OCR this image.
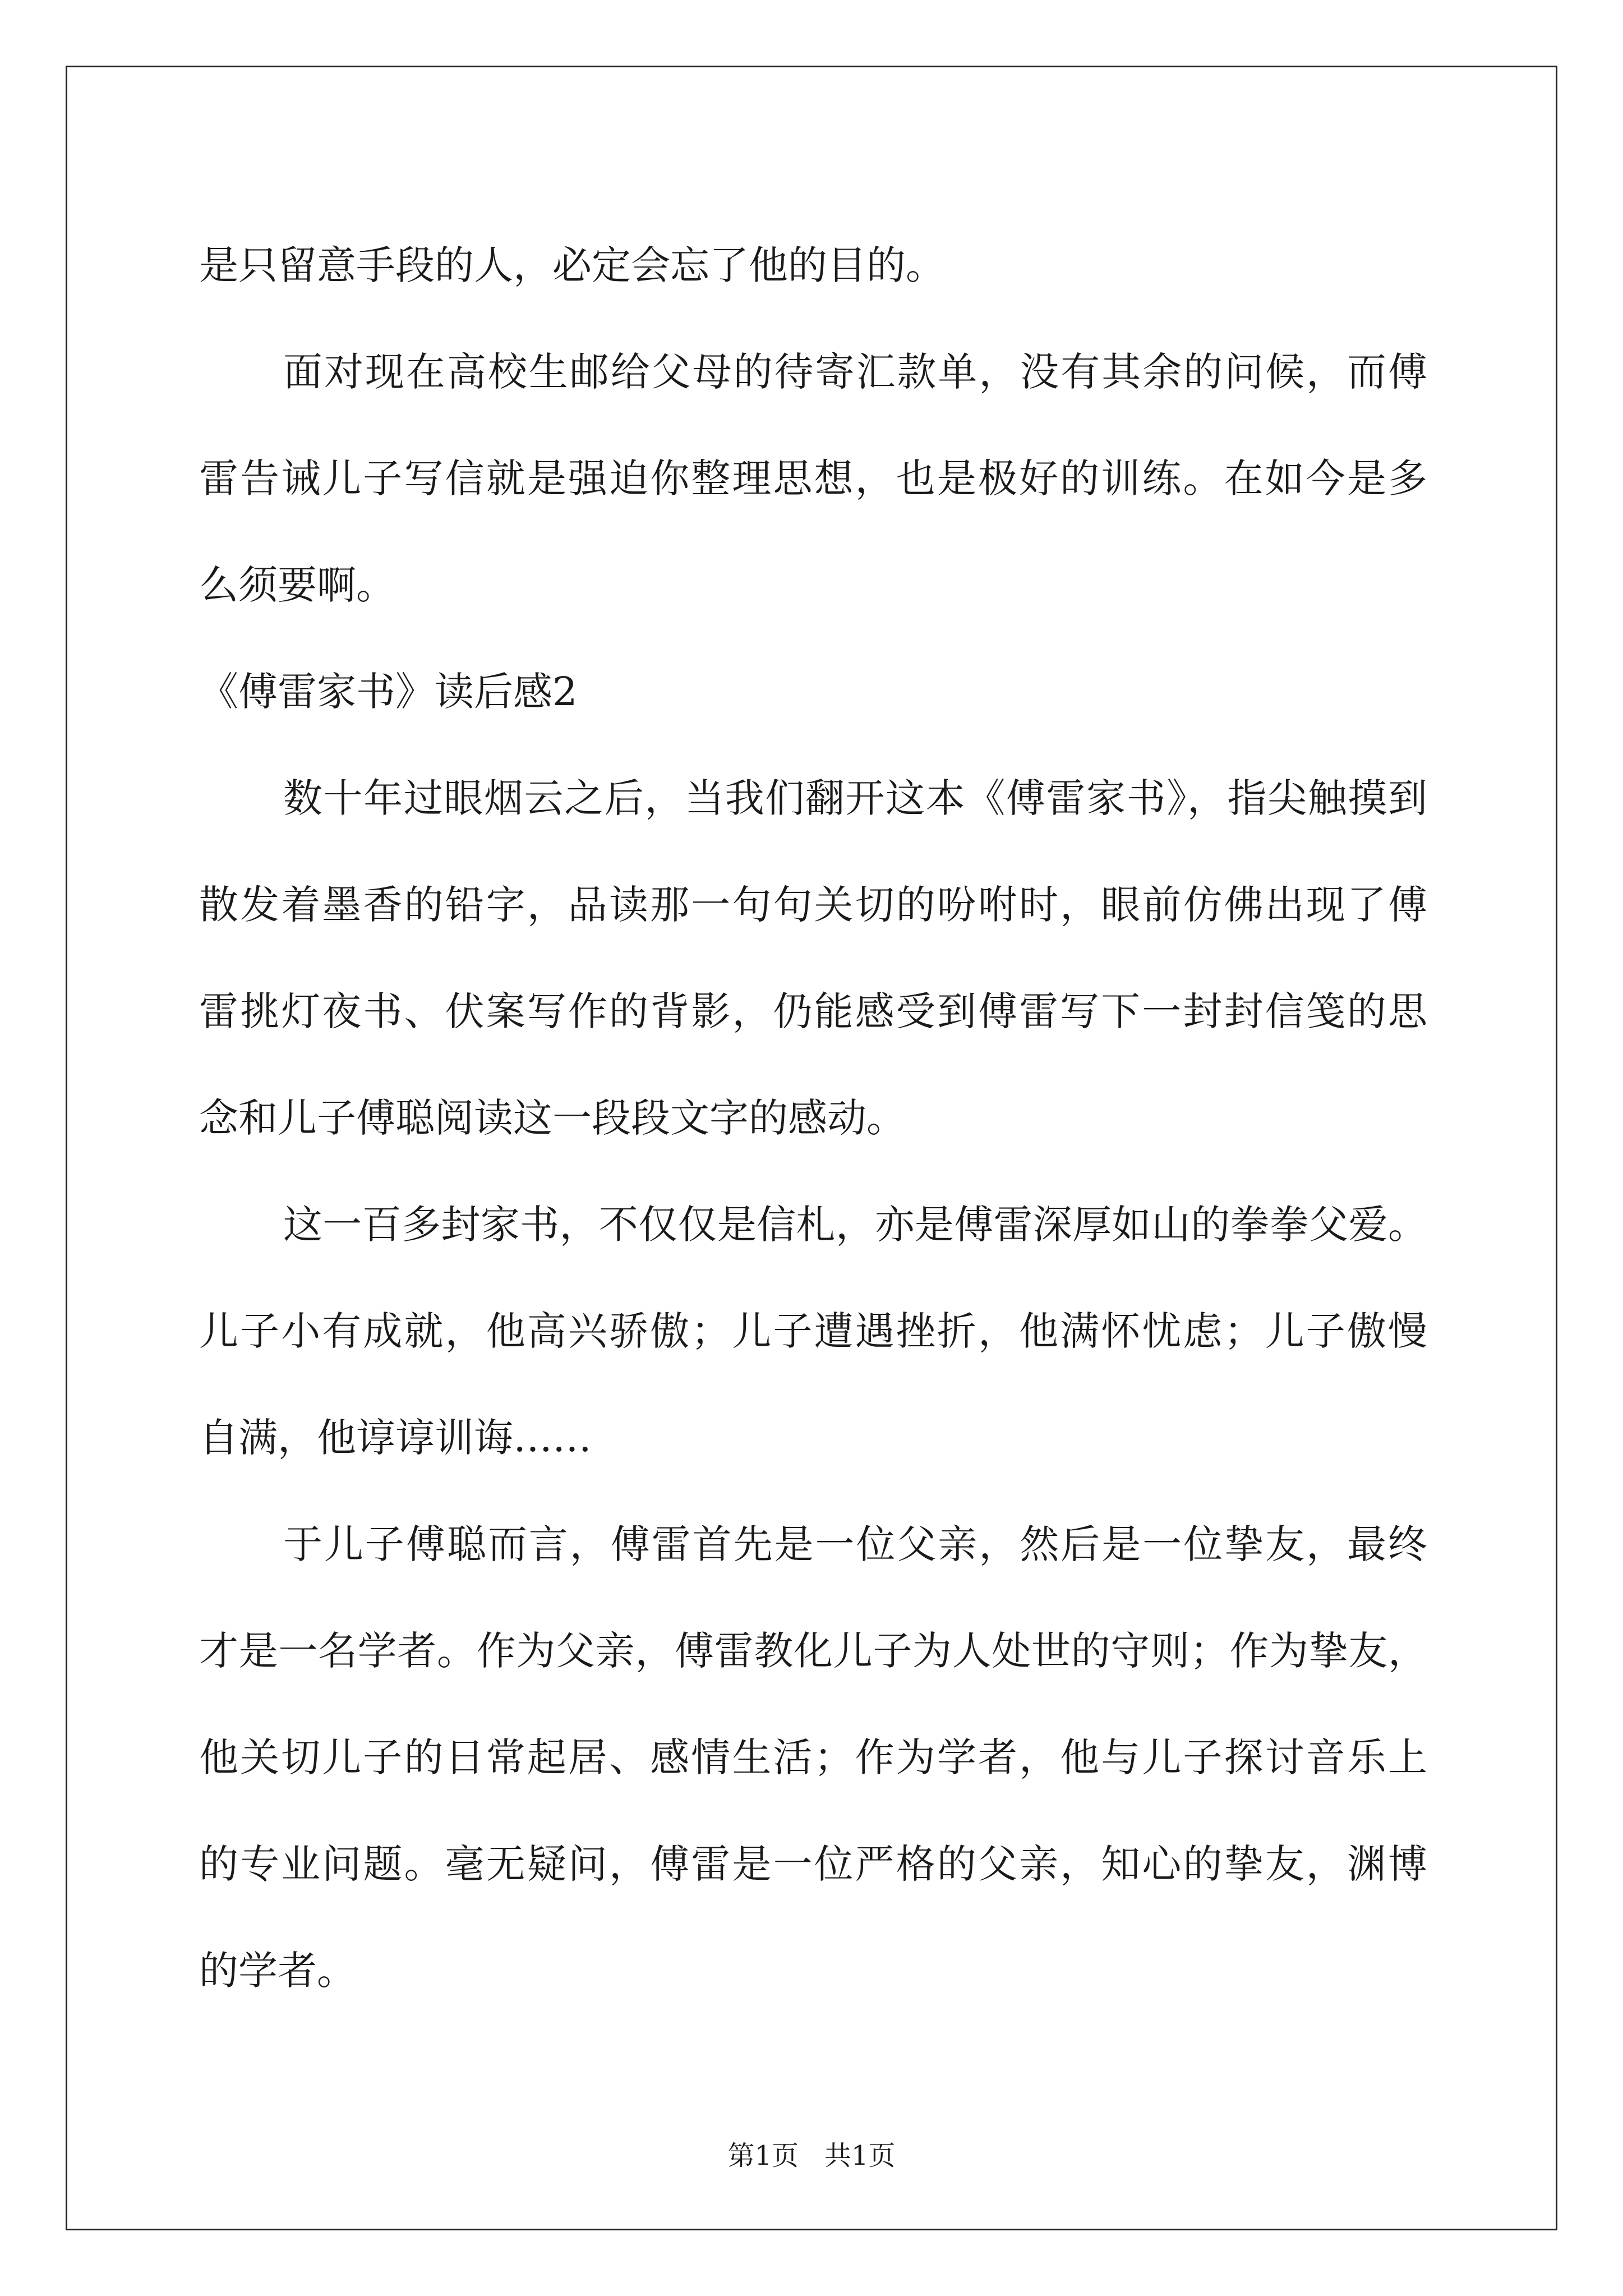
是只留意手段的人，必定会忘了他的目的。
面对现在高校生邮给父母的待寄汇款单，没有其余的问候，而傅
雷告诫儿子写信就是强迫你整理思想，也是极好的训练。在如今是多
么须要啊。
《傅雷家书》读后感2
数十年过眼烟云之后，当我们翻开这本《傅雷家书》，指尖触摸到
散发着墨香的铅字，品读那一句句关切的吩咐时，眼前仿佛出现了傅
雷挑灯夜书、伏案写作的背影，仍能感受到傅雷写下一封封信笺的思
念和儿子傅聪阅读这一段段文字的感动。
这一百多封家书，不仅仅是信札，亦是傅雷深厚如山的拳拳父爱。
儿子小有成就，他高兴骄傲；儿子遭遇挫折，他满怀忧虑；儿子傲慢
自满，他谆谆训诲……
于儿子傅聪而言，傅雷首先是一位父亲，然后是一位挚友，最终
才是一名学者。作为父亲，傅雷教化儿子为人处世的守则；作为挚友，
他关切儿子的日常起居、感情生活；作为学者，他与儿子探讨音乐上
的专业问题。毫无疑问，傅雷是一位严格的父亲，知心的挚友，渊博
的学者。
第1页 共1页
